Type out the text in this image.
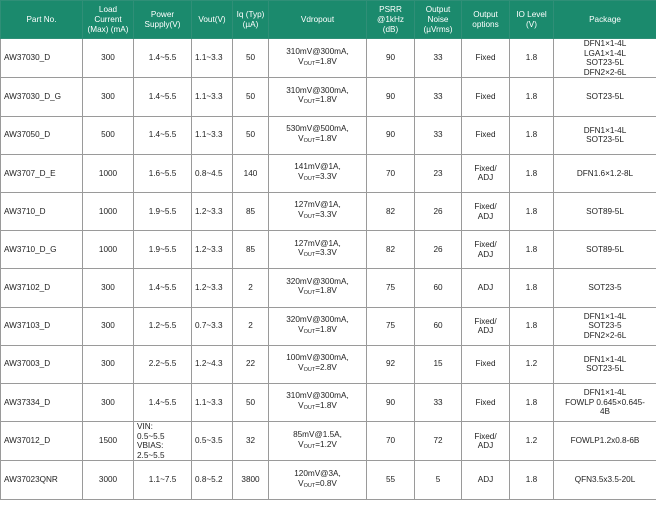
Part No.	Load Current (Max) (mA)	Power Supply(V)	Vout(V)	Iq (Typ) (µA)	Vdropout	PSRR @1kHz (dB)	Output Noise (µVrms)	Output options	IO Level (V)	Package
AW37030_D	300	1.4~5.5	1.1~3.3	50	310mV@300mA,
VOUT=1.8V	90	33	Fixed	1.8	DFN1×1-4L
LGA1×1-4L
SOT23-5L
DFN2×2-6L
AW37030_D_G	300	1.4~5.5	1.1~3.3	50	310mV@300mA,
VOUT=1.8V	90	33	Fixed	1.8	SOT23-5L
AW37050_D	500	1.4~5.5	1.1~3.3	50	530mV@500mA,
VOUT=1.8V	90	33	Fixed	1.8	DFN1×1-4L
SOT23-5L
AW3707_D_E	1000	1.6~5.5	0.8~4.5	140	141mV@1A,
VOUT=3.3V	70	23	Fixed/
ADJ	1.8	DFN1.6×1.2-8L
AW3710_D	1000	1.9~5.5	1.2~3.3	85	127mV@1A,
VOUT=3.3V	82	26	Fixed/
ADJ	1.8	SOT89-5L
AW3710_D_G	1000	1.9~5.5	1.2~3.3	85	127mV@1A,
VOUT=3.3V	82	26	Fixed/
ADJ	1.8	SOT89-5L
AW37102_D	300	1.4~5.5	1.2~3.3	2	320mV@300mA,
VOUT=1.8V	75	60	ADJ	1.8	SOT23-5
AW37103_D	300	1.2~5.5	0.7~3.3	2	320mV@300mA,
VOUT=1.8V	75	60	Fixed/
ADJ	1.8	DFN1×1-4L
SOT23-5
DFN2×2-6L
AW37003_D	300	2.2~5.5	1.2~4.3	22	100mV@300mA,
VOUT=2.8V	92	15	Fixed	1.2	DFN1×1-4L
SOT23-5L
AW37334_D	300	1.4~5.5	1.1~3.3	50	310mV@300mA,
VOUT=1.8V	90	33	Fixed	1.8	DFN1×1-4L
FOWLP 0.645×0.645-
4B
AW37012_D	1500	VIN:
0.5~5.5
VBIAS:
2.5~5.5	0.5~3.5	32	85mV@1.5A,
VOUT=1.2V	70	72	Fixed/
ADJ	1.2	FOWLP1.2x0.8-6B
AW37023QNR	3000	1.1~7.5	0.8~5.2	3800	120mV@3A,
VOUT=0.8V	55	5	ADJ	1.8	QFN3.5x3.5-20L
